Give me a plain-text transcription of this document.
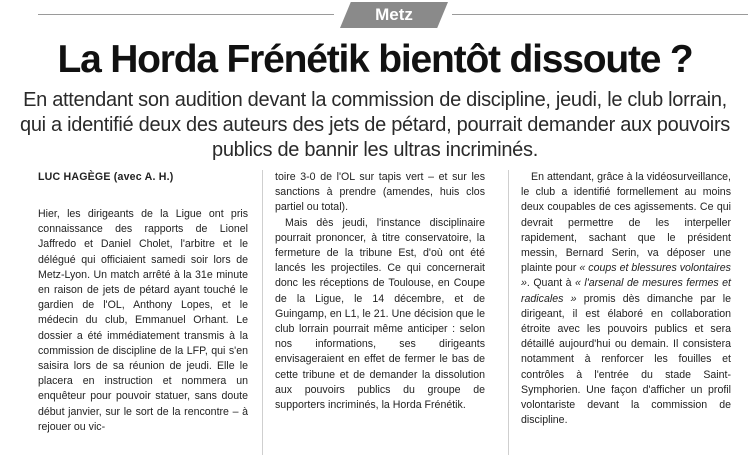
Metz
La Horda Frénétik bientôt dissoute ?

En attendant son audition devant la commission de discipline, jeudi, le club lorrain, qui a identifié deux des auteurs des jets de pétard, pourrait demander aux pouvoirs publics de bannir les ultras incriminés.

LUC HAGÈGE (avec A. H.)

Hier, les dirigeants de la Ligue ont pris connaissance des rapports de Lionel Jaffredo et Daniel Cholet, l'arbitre et le délégué qui officiaient samedi soir lors de Metz-Lyon. Un match arrêté à la 31e minute en raison de jets de pétard ayant touché le gardien de l'OL, Anthony Lopes, et le médecin du club, Emmanuel Orhant. Le dossier a été immédiatement transmis à la commission de discipline de la LFP, qui s'en saisira lors de sa réunion de jeudi. Elle le placera en instruction et nommera un enquêteur pour pouvoir statuer, sans doute début janvier, sur le sort de la rencontre – à rejouer ou vic-

toire 3-0 de l'OL sur tapis vert – et sur les sanctions à prendre (amendes, huis clos partiel ou total).

Mais dès jeudi, l'instance disciplinaire pourrait prononcer, à titre conservatoire, la fermeture de la tribune Est, d'où ont été lancés les projectiles. Ce qui concernerait donc les réceptions de Toulouse, en Coupe de la Ligue, le 14 décembre, et de Guingamp, en L1, le 21. Une décision que le club lorrain pourrait même anticiper : selon nos informations, ses dirigeants envisageraient en effet de fermer le bas de cette tribune et de demander la dissolution aux pouvoirs publics du groupe de supporters incriminés, la Horda Frénétik.

En attendant, grâce à la vidéosurveillance, le club a identifié formellement au moins deux coupables de ces agissements. Ce qui devrait permettre de les interpeller rapidement, sachant que le président messin, Bernard Serin, va déposer une plainte pour « coups et blessures volontaires ». Quant à « l'arsenal de mesures fermes et radicales » promis dès dimanche par le dirigeant, il est élaboré en collaboration étroite avec les pouvoirs publics et sera détaillé aujourd'hui ou demain. Il consistera notamment à renforcer les fouilles et contrôles à l'entrée du stade Saint-Symphorien. Une façon d'afficher un profil volontariste devant la commission de discipline.
